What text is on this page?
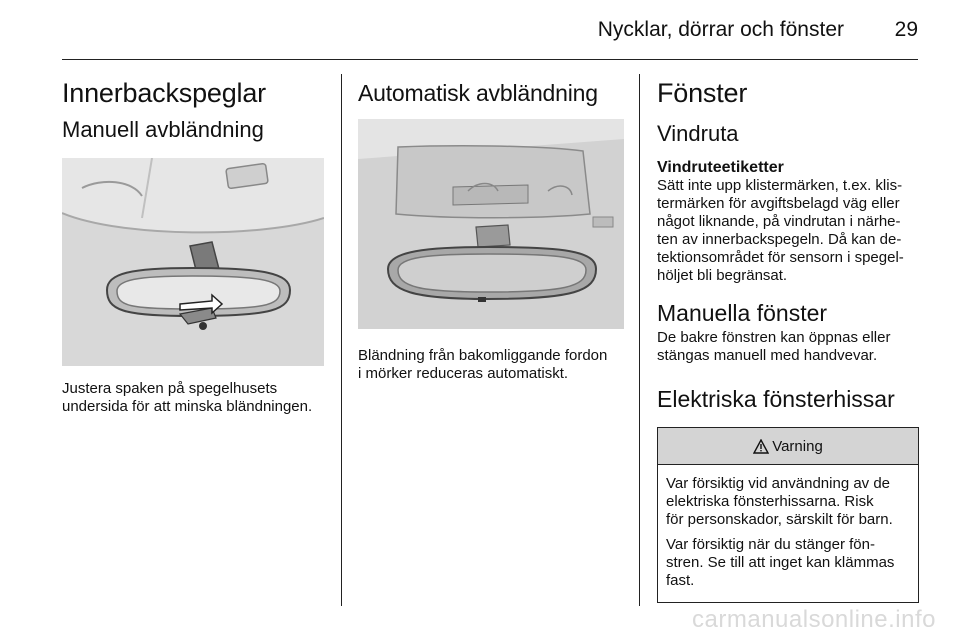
Nycklar, dörrar och fönster 29
Innerbackspeglar
Manuell avbländning

Justera spaken på spegelhusets
undersida för att minska bländningen.

Automatisk avbländning

Bländning från bakomliggande fordon
i mörker reduceras automatiskt.

Fönster
Vindruta
Vindruteetiketter

Sätt inte upp klistermärken, t.ex. klis-
termärken för avgiftsbelagd väg eller
något liknande, på vindrutan i närhe-
ten av innerbackspegeln. Då kan de-
tektionsområdet för sensorn i spegel-
höljet bli begränsat.

Manuella fönster

De bakre fönstren kan öppnas eller
stängas manuell med handvevar.

Elektriska fönsterhissar
Varning

Var försiktig vid användning av de
elektriska fönsterhissarna. Risk
för personskador, särskilt för barn.

Var försiktig när du stänger fön-
stren. Se till att inget kan klämmas
fast.

carmanualsonline.info
